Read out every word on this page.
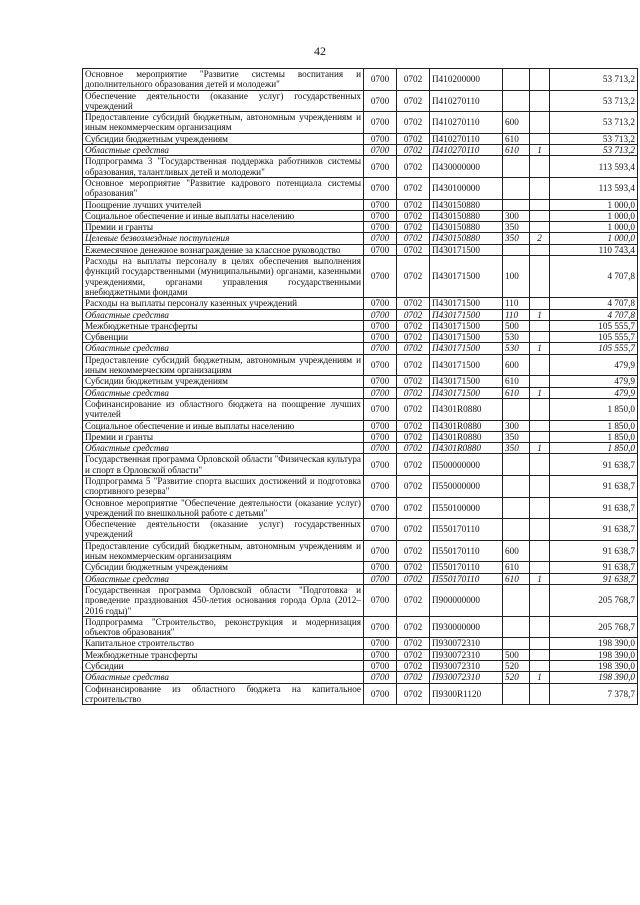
42
Основное мероприятие "Развитие системы воспитания и дополнительного образования детей и молодежи"	0700	0702	П410200000			53 713,2
Обеспечение деятельности (оказание услуг) государственных учреждений	0700	0702	П410270110			53 713,2
Предоставление субсидий бюджетным, автономным учреждениям и иным некоммерческим организациям	0700	0702	П410270110	600		53 713,2
Субсидии бюджетным учреждениям	0700	0702	П410270110	610		53 713,2
Областные средства	0700	0702	П410270110	610	1	53 713,2
Подпрограмма 3 "Государственная поддержка работников системы образования, талантливых детей и молодежи"	0700	0702	П430000000			113 593,4
Основное мероприятие "Развитие кадрового потенциала системы образования"	0700	0702	П430100000			113 593,4
Поощрение лучших учителей	0700	0702	П430150880			1 000,0
Социальное обеспечение и иные выплаты населению	0700	0702	П430150880	300		1 000,0
Премии и гранты	0700	0702	П430150880	350		1 000,0
Целевые безвозмездные поступления	0700	0702	П430150880	350	2	1 000,0
Ежемесячное денежное вознаграждение за классное руководство	0700	0702	П430171500			110 743,4
Расходы на выплаты персоналу в целях обеспечения выполнения функций государственными (муниципальными) органами, казенными учреждениями, органами управления государственными внебюджетными фондами	0700	0702	П430171500	100		4 707,8
Расходы на выплаты персоналу казенных учреждений	0700	0702	П430171500	110		4 707,8
Областные средства	0700	0702	П430171500	110	1	4 707,8
Межбюджетные трансферты	0700	0702	П430171500	500		105 555,7
Субвенции	0700	0702	П430171500	530		105 555,7
Областные средства	0700	0702	П430171500	530	1	105 555,7
Предоставление субсидий бюджетным, автономным учреждениям и иным некоммерческим организациям	0700	0702	П430171500	600		479,9
Субсидии бюджетным учреждениям	0700	0702	П430171500	610		479,9
Областные средства	0700	0702	П430171500	610	1	479,9
Софинансирование из областного бюджета на поощрение лучших учителей	0700	0702	П4301R0880			1 850,0
Социальное обеспечение и иные выплаты населению	0700	0702	П4301R0880	300		1 850,0
Премии и гранты	0700	0702	П4301R0880	350		1 850,0
Областные средства	0700	0702	П4301R0880	350	1	1 850,0
Государственная программа Орловской области "Физическая культура и спорт в Орловской области"	0700	0702	П500000000			91 638,7
Подпрограмма 5 "Развитие спорта высших достижений и подготовка спортивного резерва"	0700	0702	П550000000			91 638,7
Основное мероприятие "Обеспечение деятельности (оказание услуг) учреждений по внешкольной работе с детьми"	0700	0702	П550100000			91 638,7
Обеспечение деятельности (оказание услуг) государственных учреждений	0700	0702	П550170110			91 638,7
Предоставление субсидий бюджетным, автономным учреждениям и иным некоммерческим организациям	0700	0702	П550170110	600		91 638,7
Субсидии бюджетным учреждениям	0700	0702	П550170110	610		91 638,7
Областные средства	0700	0702	П550170110	610	1	91 638,7
Государственная программа Орловской области "Подготовка и проведение празднования 450-летия основания города Орла (2012–2016 годы)"	0700	0702	П900000000			205 768,7
Подпрограмма "Строительство, реконструкция и модернизация объектов образования"	0700	0702	П930000000			205 768,7
Капитальное строительство	0700	0702	П930072310			198 390,0
Межбюджетные трансферты	0700	0702	П930072310	500		198 390,0
Субсидии	0700	0702	П930072310	520		198 390,0
Областные средства	0700	0702	П930072310	520	1	198 390,0
Софинансирование из областного бюджета на капитальное строительство	0700	0702	П9300R1120			7 378,7
